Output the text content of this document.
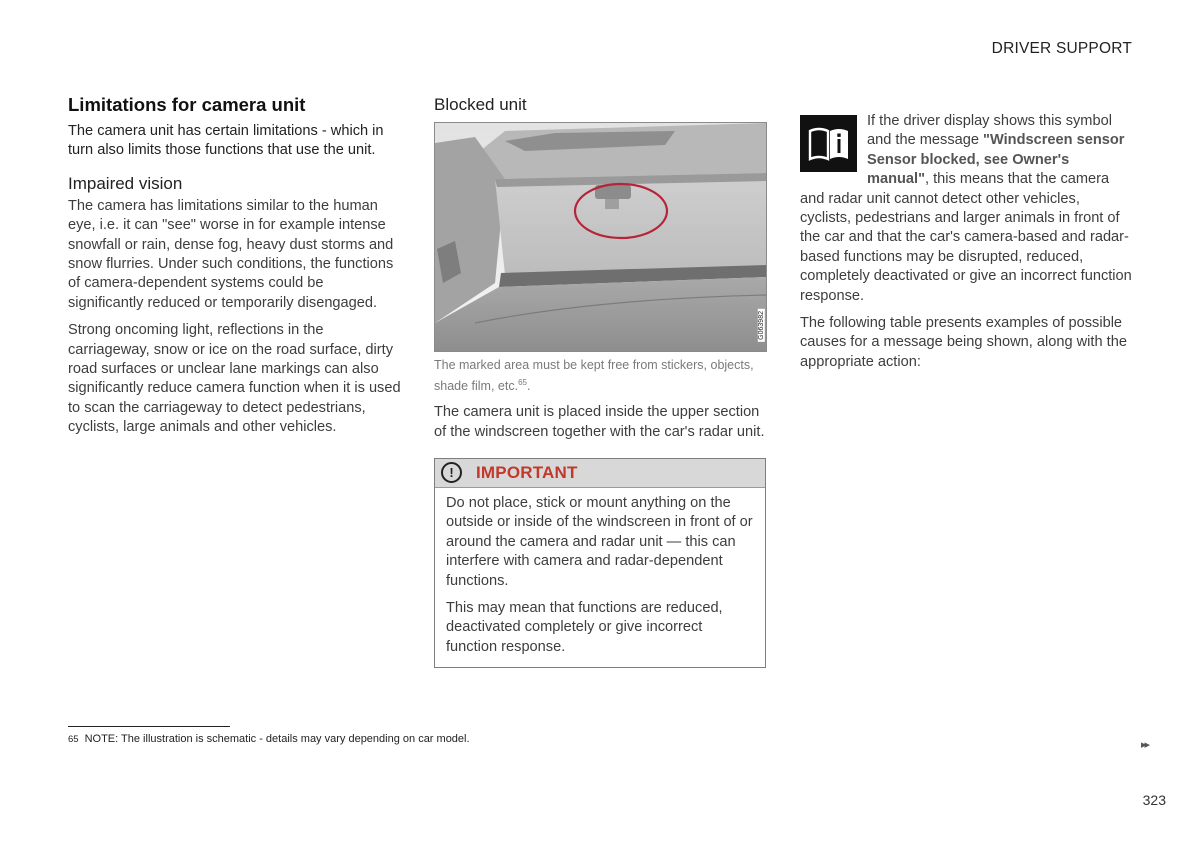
DRIVER SUPPORT
Limitations for camera unit

The camera unit has certain limitations - which in turn also limits those functions that use the unit.

Impaired vision

The camera has limitations similar to the human eye, i.e. it can "see" worse in for example intense snowfall or rain, dense fog, heavy dust storms and snow flurries. Under such conditions, the functions of camera-dependent systems could be significantly reduced or temporarily disengaged.

Strong oncoming light, reflections in the carriageway, snow or ice on the road surface, dirty road surfaces or unclear lane markings can also significantly reduce camera function when it is used to scan the carriageway to detect pedestrians, cyclists, large animals and other vehicles.

Blocked unit
G063982
The marked area must be kept free from stickers, objects, shade film, etc.$^{65}$.

The camera unit is placed inside the upper section of the windscreen together with the car's radar unit.

!	IMPORTANT

Do not place, stick or mount anything on the outside or inside of the windscreen in front of or around the camera and radar unit — this can interfere with camera and radar-dependent functions.

This may mean that functions are reduced, deactivated completely or give incorrect function response.

If the driver display shows this symbol and the message "Windscreen sensor Sensor blocked, see Owner's manual", this means that the camera and radar unit cannot detect other vehicles, cyclists, pedestrians and larger animals in front of the car and that the car's camera-based and radar-based functions may be disrupted, reduced, completely deactivated or give an incorrect function response.

The following table presents examples of possible causes for a message being shown, along with the appropriate action:

65 NOTE: The illustration is schematic - details may vary depending on car model.	▸▸
323
